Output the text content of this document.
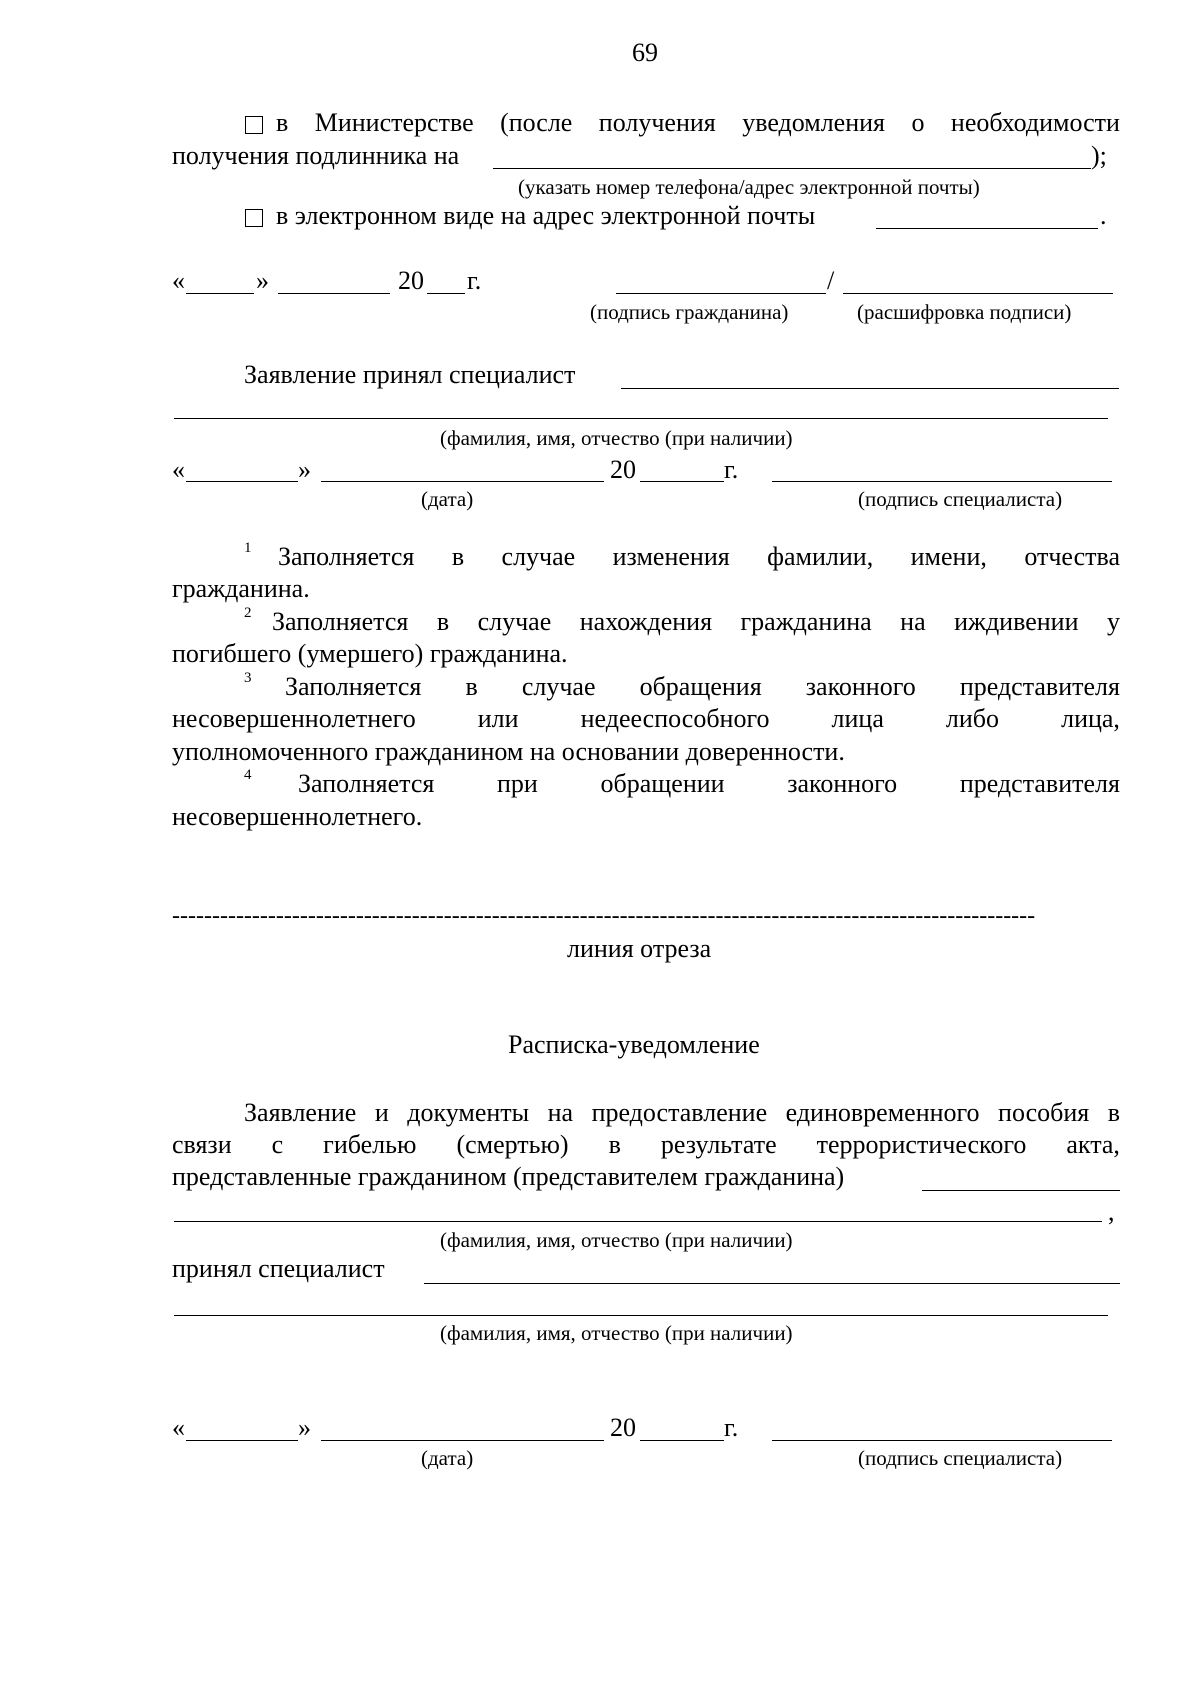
69
в Министерстве (после получения уведомления о необходимости
получения подлинника на	);
(указать номер телефона/адрес электронной почты)
в электронном виде на адрес электронной почты	.
«	»	20 г.	/
(подпись гражданина)	(расшифровка подписи)
Заявление принял специалист
(фамилия, имя, отчество (при наличии)
«	»	20	г.
(дата)	(подпись специалиста)
1 Заполняется в случае изменения фамилии, имени, отчества
гражданина.
2 Заполняется в случае нахождения гражданина на иждивении у
погибшего (умершего) гражданина.
3 Заполняется в случае обращения законного представителя
несовершеннолетнего или недееспособного лица либо лица,
уполномоченного гражданином на основании доверенности.
4 Заполняется при обращении законного представителя
несовершеннолетнего.
------------------------------------------------------------------------------------------------------------
линия отреза
Расписка-уведомление
Заявление и документы на предоставление единовременного пособия в
связи с гибелью (смертью) в результате террористического акта,
представленные гражданином (представителем гражданина)
,
(фамилия, имя, отчество (при наличии)
принял специалист
(фамилия, имя, отчество (при наличии)
«	»	20	г.
(дата)	(подпись специалиста)
